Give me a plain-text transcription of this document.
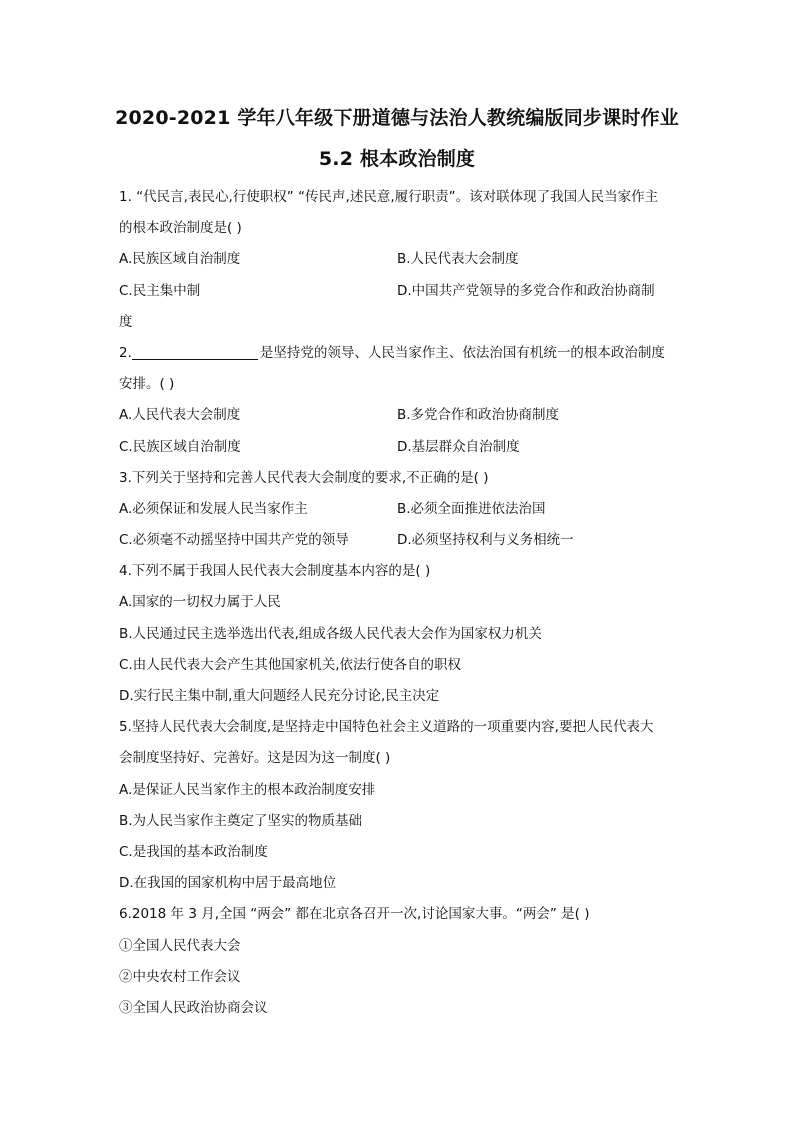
2020-2021 学年八年级下册道德与法治人教统编版同步课时作业
5.2 根本政治制度
1. “代民言,表民心,行使职权” “传民声,述民意,履行职责”。该对联体现了我国人民当家作主
的根本政治制度是( )
A.民族区域自治制度	B.人民代表大会制度
C.民主集中制	D.中国共产党领导的多党合作和政治协商制
度
2.	是坚持党的领导、人民当家作主、依法治国有机统一的根本政治制度
安排。( )
A.人民代表大会制度	B.多党合作和政治协商制度
C.民族区域自治制度	D.基层群众自治制度
3.下列关于坚持和完善人民代表大会制度的要求,不正确的是( )
A.必须保证和发展人民当家作主	B.必须全面推进依法治国
C.必须毫不动摇坚持中国共产党的领导	D.必须坚持权利与义务相统一
4.下列不属于我国人民代表大会制度基本内容的是( )
A.国家的一切权力属于人民
B.人民通过民主选举选出代表,组成各级人民代表大会作为国家权力机关
C.由人民代表大会产生其他国家机关,依法行使各自的职权
D.实行民主集中制,重大问题经人民充分讨论,民主决定
5.坚持人民代表大会制度,是坚持走中国特色社会主义道路的一项重要内容,要把人民代表大
会制度坚持好、完善好。这是因为这一制度( )
A.是保证人民当家作主的根本政治制度安排
B.为人民当家作主奠定了坚实的物质基础
C.是我国的基本政治制度
D.在我国的国家机构中居于最高地位
6.2018 年 3 月,全国 “两会” 都在北京各召开一次,讨论国家大事。“两会” 是( )
①全国人民代表大会
②中央农村工作会议
③全国人民政治协商会议
